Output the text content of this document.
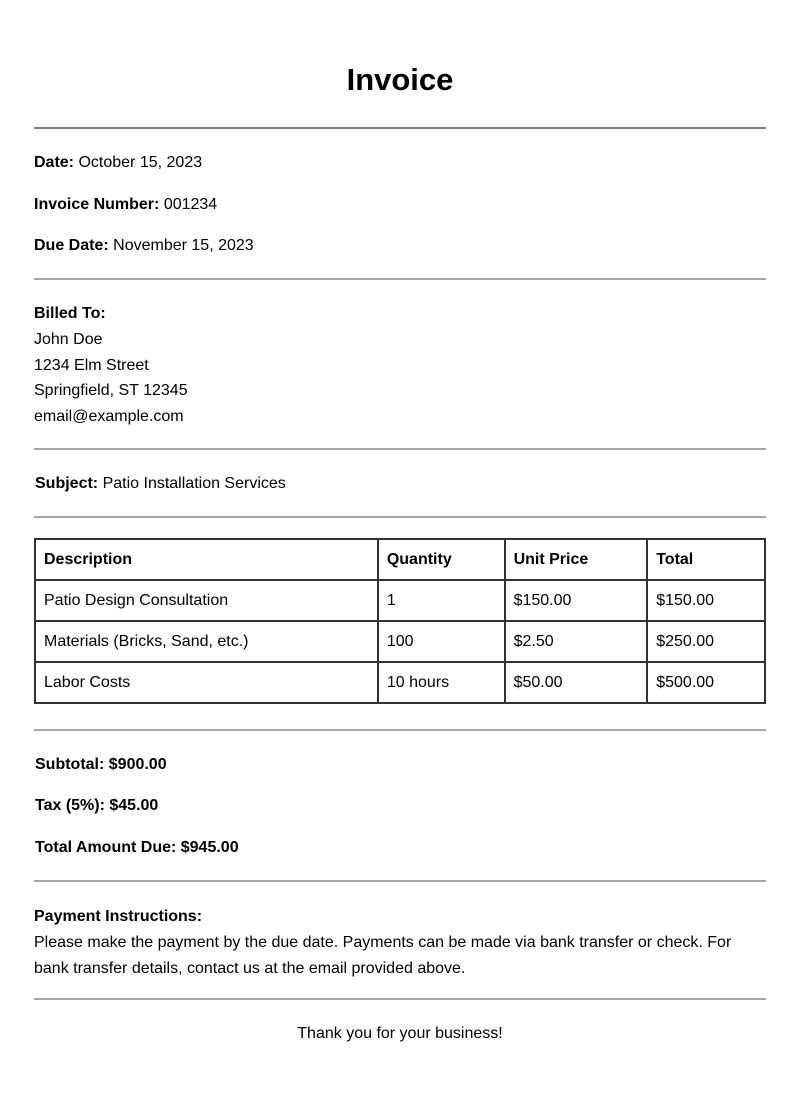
Invoice
Date: October 15, 2023
Invoice Number: 001234
Due Date: November 15, 2023
Billed To:
John Doe
1234 Elm Street
Springfield, ST 12345
email@example.com
Subject: Patio Installation Services
Description	Quantity	Unit Price	Total
Patio Design Consultation	1	$150.00	$150.00
Materials (Bricks, Sand, etc.)	100	$2.50	$250.00
Labor Costs	10 hours	$50.00	$500.00
Subtotal: $900.00
Tax (5%): $45.00
Total Amount Due: $945.00
Payment Instructions:
Please make the payment by the due date. Payments can be made via bank transfer or check. For bank transfer details, contact us at the email provided above.
Thank you for your business!
